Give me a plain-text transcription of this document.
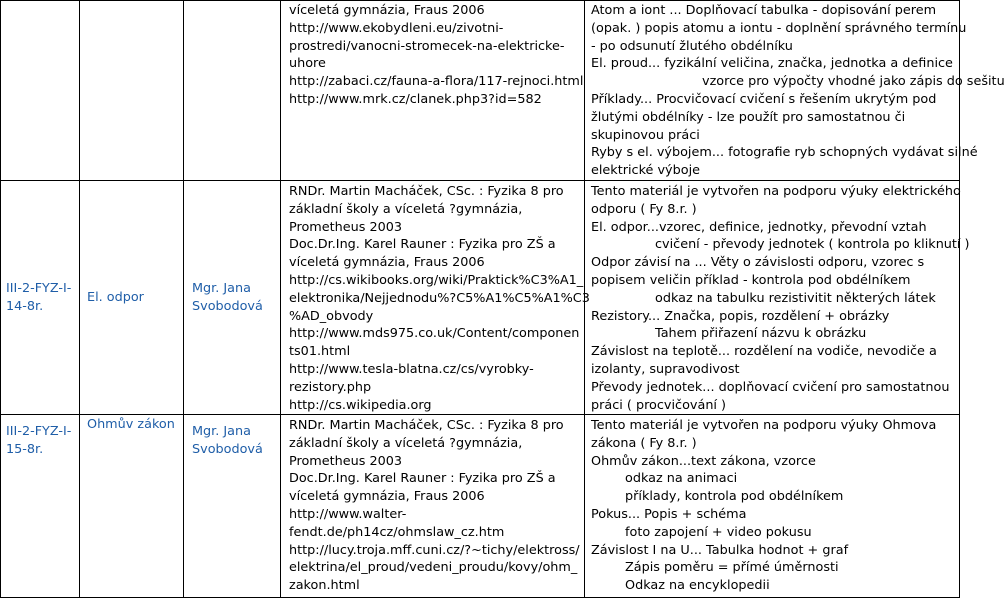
víceletá gymnázia, Fraus 2006
http://www.ekobydleni.eu/zivotni-
prostredi/vanocni-stromecek-na-elektricke-
uhore
http://zabaci.cz/fauna-a-flora/117-rejnoci.html
http://www.mrk.cz/clanek.php3?id=582
Atom a iont ... Doplňovací tabulka - dopisování perem
(opak. ) popis atomu a iontu - doplnění správného termínu
- po odsunutí žlutého obdélníku
El. proud... fyzikální veličina, značka, jednotka a definice
vzorce pro výpočty vhodné jako zápis do sešitu
Příklady... Procvičovací cvičení s řešením ukrytým pod
žlutými obdélníky - lze použít pro samostatnou či
skupinovou práci
Ryby s el. výbojem... fotografie ryb schopných vydávat silné
elektrické výboje
III-2-FYZ-I-14-8r.
El. odpor
Mgr. Jana Svobodová
RNDr. Martin Macháček, CSc. : Fyzika 8 pro
základní školy a víceletá ?gymnázia,
Prometheus 2003
Doc.Dr.Ing. Karel Rauner : Fyzika pro ZŠ a
víceletá gymnázia, Fraus 2006
http://cs.wikibooks.org/wiki/Praktick%C3%A1_
elektronika/Nejjednodu%?C5%A1%C5%A1%C3
%AD_obvody
http://www.mds975.co.uk/Content/componen
ts01.html
http://www.tesla-blatna.cz/cs/vyrobky-
rezistory.php
http://cs.wikipedia.org
Tento materiál je vytvořen na podporu výuky elektrického
odporu ( Fy 8.r. )
El. odpor...vzorec, definice, jednotky, převodní vztah
cvičení - převody jednotek ( kontrola po kliknutí )
Odpor závisí na ... Věty o závislosti odporu, vzorec s
popisem veličin příklad - kontrola pod obdélníkem
odkaz na tabulku rezistivitit některých látek
Rezistory... Značka, popis, rozdělení + obrázky
Tahem přiřazení názvu k obrázku
Závislost na teplotě... rozdělení na vodiče, nevodiče a
izolanty, supravodivost
Převody jednotek... doplňovací cvičení pro samostatnou
práci ( procvičování )
III-2-FYZ-I-15-8r.
Ohmův zákon Mgr. Jana Svobodová
RNDr. Martin Macháček, CSc. : Fyzika 8 pro
základní školy a víceletá ?gymnázia,
Prometheus 2003
Doc.Dr.Ing. Karel Rauner : Fyzika pro ZŠ a
víceletá gymnázia, Fraus 2006
http://www.walter-
fendt.de/ph14cz/ohmslaw_cz.htm
http://lucy.troja.mff.cuni.cz/?~tichy/elektross/
elektrina/el_proud/vedeni_proudu/kovy/ohm_
zakon.html
Tento materiál je vytvořen na podporu výuky Ohmova
zákona ( Fy 8.r. )
Ohmův zákon...text zákona, vzorce
odkaz na animaci
příklady, kontrola pod obdélníkem
Pokus... Popis + schéma
foto zapojení + video pokusu
Závislost I na U... Tabulka hodnot + graf
Zápis poměru = přímé úměrnosti
Odkaz na encyklopedii
